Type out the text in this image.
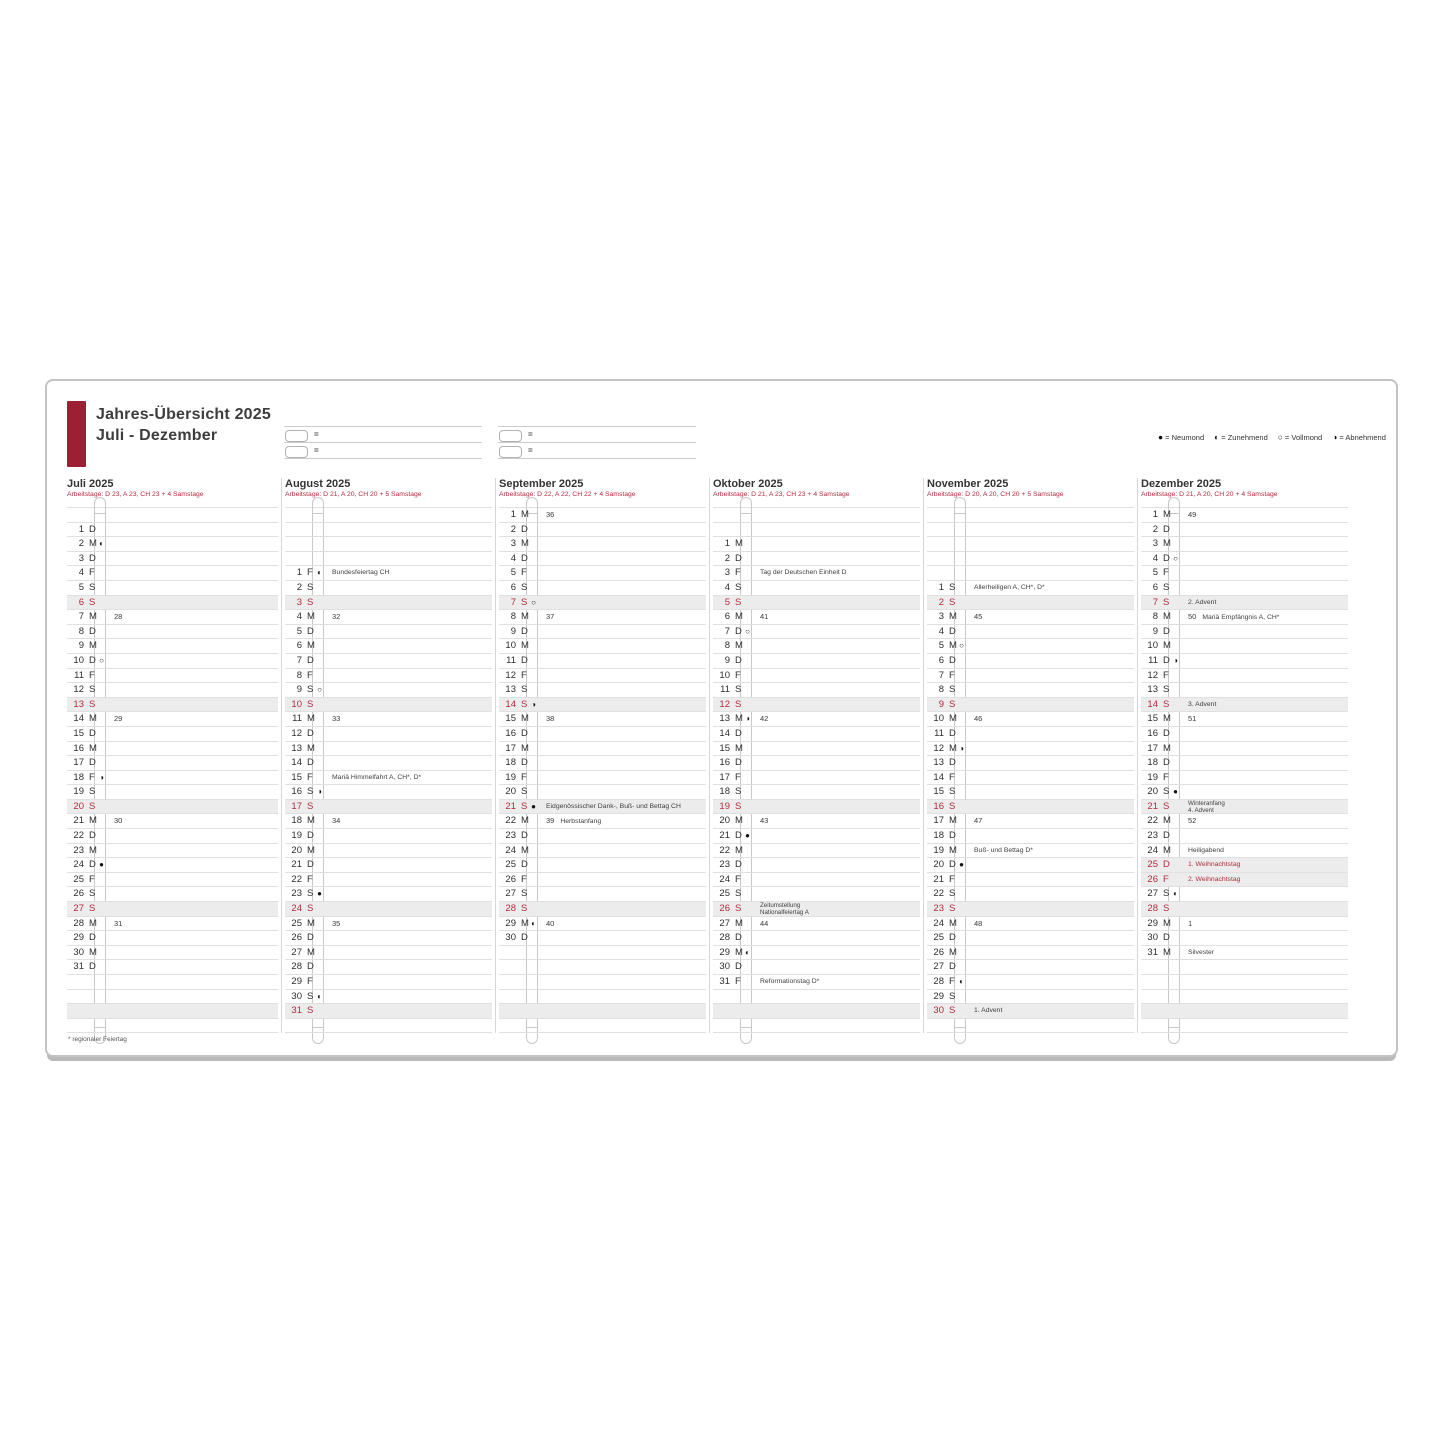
Jahres-Übersicht 2025
Juli - Dezember	=
=
=
=
● = Neumond ◐ = Zunehmend ○ = Vollmond ◑ = Abnehmend
Juli 2025
Arbeitstage: D 23, A 23, CH 23 + 4 Samstage
1 D
2 M ◐
3 D
4 F
5 S
6 S
7 M 28
8 D
9 M
10 D ○
11 F
12 S
13 S
14 M 29
15 D
16 M
17 D
18 F ◑
19 S
20 S
21 M 30
22 D
23 M
24 D ●
25 F
26 S
27 S
28 M 31
29 D
30 M
31 D
August 2025
Arbeitstage: D 21, A 20, CH 20 + 5 Samstage
1 F ◐	Bundesfeiertag CH
2 S
3 S
4 M 32
5 D
6 M
7 D
8 F
9 S ○
10 S
11 M 33
12 D
13 M
14 D
15 F	Mariä Himmelfahrt A, CH*, D*
16 S ◑
17 S
18 M 34
19 D
20 M
21 D
22 F
23 S ●
24 S
25 M 35
26 D
27 M
28 D
29 F
30 S ◐
31 S
September 2025
Arbeitstage: D 22, A 22, CH 22 + 4 Samstage
1 M 36
2 D
3 M
4 D
5 F
6 S
7 S ○
8 M 37
9 D
10 M
11 D
12 F
13 S
14 S ◑
15 M 38
16 D
17 M
18 D
19 F
20 S
21 S ●	Eidgenössischer Dank-, Buß- und Bettag CH
22 M 39 Herbstanfang
23 D
24 M
25 D
26 F
27 S
28 S
29 M ◐	40
30 D
Oktober 2025
Arbeitstage: D 21, A 23, CH 23 + 4 Samstage
1 M
2 D
3 F	Tag der Deutschen Einheit D
4 S
5 S
6 M 41
7 D ○
8 M
9 D
10 F
11 S
12 S
13 M ◑	42
14 D
15 M
16 D
17 F
18 S
19 S
20 M 43
21 D ●
22 M
23 D
24 F
25 S
26 S	Zeitumstellung
Nationalfeiertag A
27 M 44
28 D
29 M ◐
30 D
31 F	Reformationstag D*
November 2025
Arbeitstage: D 20, A 20, CH 20 + 5 Samstage
1 S	Allerheiligen A, CH*, D*
2 S
3 M 45
4 D
5 M ○
6 D
7 F
8 S
9 S
10 M 46
11 D
12 M ◑
13 D
14 F
15 S
16 S
17 M 47
18 D
19 M	Buß- und Bettag D*
20 D ●
21 F
22 S
23 S
24 M 48
25 D
26 M
27 D
28 F ◐
29 S
30 S	1. Advent
Dezember 2025
Arbeitstage: D 21, A 20, CH 20 + 4 Samstage
1 M 49
2 D
3 M
4 D ○
5 F
6 S
7 S	2. Advent
8 M 50 Mariä Empfängnis A, CH*
9 D
10 M
11 D ◑
12 F
13 S
14 S	3. Advent
15 M 51
16 D
17 M
18 D
19 F
20 S ●
21 S	Winteranfang
4. Advent
22 M 52
23 D
24 M	Heiligabend
25 D	1. Weihnachtstag
26 F	2. Weihnachtstag
27 S ◐
28 S
29 M 1
30 D
31 M	Silvester
* regionaler Feiertag
